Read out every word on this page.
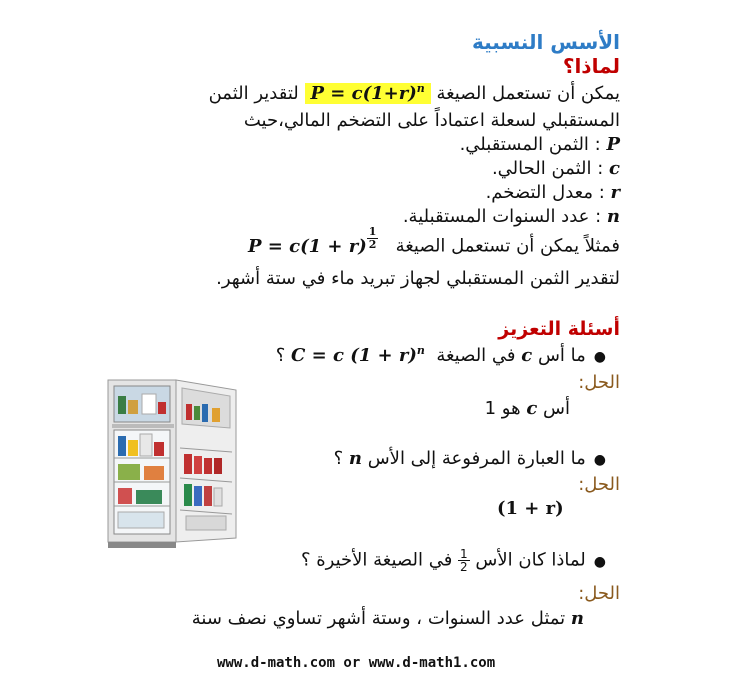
الأسس النسبية
لماذا؟
يمكن أن تستعمل الصيغة $P = c(1+r)^n$ لتقدير الثمن
المستقبلي لسعلة اعتماداً على التضخم المالي،حيث
P : الثمن المستقبلي.
c : الثمن الحالي.
r : معدل التضخم.
n : عدد السنوات المستقبلية.
فمثلاً يمكن أن تستعمل الصيغة   $P = c(1 + r) \frac{1}{2}$
لتقدير الثمن المستقبلي لجهاز تبريد ماء في ستة أشهر.
أسئلة التعزيز
●ما أس c في الصيغة  C = c $(1 + r)^n$ ؟
الحل:
أس c هو 1
●ما العبارة المرفوعة إلى الأس n ؟
الحل:
(1 + r)
●لماذا كان الأس
$\frac{1}{2}$
في الصيغة الأخيرة ؟
الحل:
n تمثل عدد السنوات ، وستة أشهر تساوي نصف سنة
www.d-math.com or www.d-math1.com
